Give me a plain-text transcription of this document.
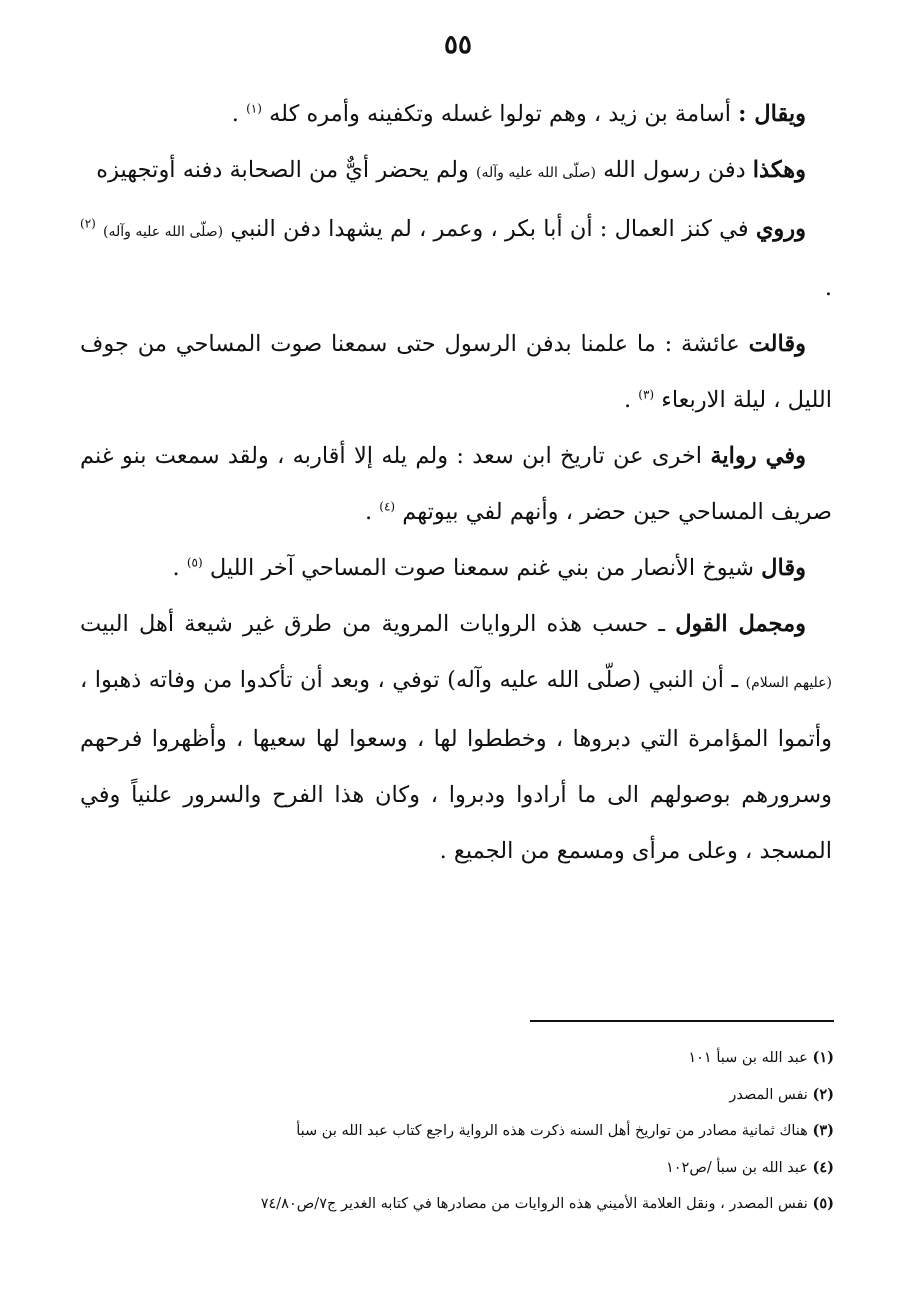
٥٥

ويقال : أسامة بن زيد ، وهم تولوا غسله وتكفينه وأمره كله $^{(١)}$ .

وهكذا دفن رسول الله (صلّى الله عليه وآله) ولم يحضر أيٌّ من الصحابة دفنه أوتجهيزه

وروي في كنز العمال : أن أبا بكر ، وعمر ، لم يشهدا دفن النبي (صلّى الله عليه وآله) $^{(٢)}$ .

وقالت عائشة : ما علمنا بدفن الرسول حتى سمعنا صوت المساحي من جوف الليل ، ليلة الاربعاء $^{(٣)}$ .

وفي رواية اخرى عن تاريخ ابن سعد : ولم يله إلا أقاربه ، ولقد سمعت بنو غنم صريف المساحي حين حضر ، وأنهم لفي بيوتهم $^{(٤)}$ .

وقال شيوخ الأنصار من بني غنم سمعنا صوت المساحي آخر الليل $^{(٥)}$ .

ومجمل القول ـ حسب هذه الروايات المروية من طرق غير شيعة أهل البيت (عليهم السلام) ـ أن النبي (صلّى الله عليه وآله) توفي ، وبعد أن تأكدوا من وفاته ذهبوا ، وأتموا المؤامرة التي دبروها ، وخططوا لها ، وسعوا لها سعيها ، وأظهروا فرحهم وسرورهم بوصولهم الى ما أرادوا ودبروا ، وكان هذا الفرح والسرور علنياً وفي المسجد ، وعلى مرأى ومسمع من الجميع .

(١) عبد الله بن سبأ ١٠١

(٢) نفس المصدر

(٣) هناك ثمانية مصادر من تواريخ أهل السنه ذكرت هذه الرواية راجع كتاب عبد الله بن سبأ

(٤) عبد الله بن سبأ /ص١٠٢

(٥) نفس المصدر ، ونقل العلامة الأميني هذه الروايات من مصادرها في كتابه الغدير ج٧/ص٧٤/٨٠
